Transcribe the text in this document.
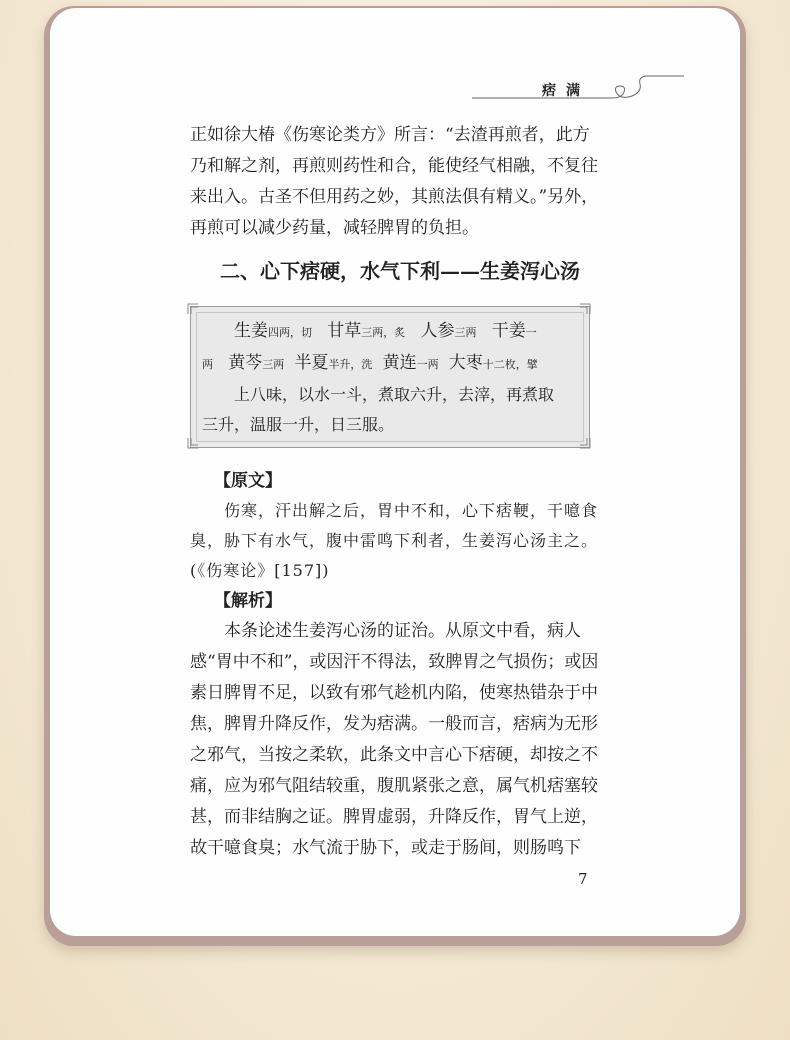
痞满
正如徐大椿《伤寒论类方》所言：“去渣再煎者，此方乃和解之剂，再煎则药性和合，能使经气相融，不复往来出入。古圣不但用药之妙，其煎法俱有精义。”另外，再煎可以减少药量，减轻脾胃的负担。
二、心下痞硬，水气下利——生姜泻心汤

生姜四两，切 甘草三两，炙 人参三两 干姜一

两 黄芩三两 半夏半升，洗 黄连一两 大枣十二枚，擘

上八味，以水一斗，煮取六升，去滓，再煮取

三升，温服一升，日三服。

【原文】

伤寒，汗出解之后，胃中不和，心下痞鞕，干噫食臭，胁下有水气，腹中雷鸣下利者，生姜泻心汤主之。

(《伤寒论》[157])

【解析】
本条论述生姜泻心汤的证治。从原文中看，病人感“胃中不和”，或因汗不得法，致脾胃之气损伤；或因素日脾胃不足，以致有邪气趁机内陷，使寒热错杂于中焦，脾胃升降反作，发为痞满。一般而言，痞病为无形之邪气，当按之柔软，此条文中言心下痞硬，却按之不痛，应为邪气阻结较重，腹肌紧张之意，属气机痞塞较甚，而非结胸之证。脾胃虚弱，升降反作，胃气上逆，故干噫食臭；水气流于胁下，或走于肠间，则肠鸣下
7
